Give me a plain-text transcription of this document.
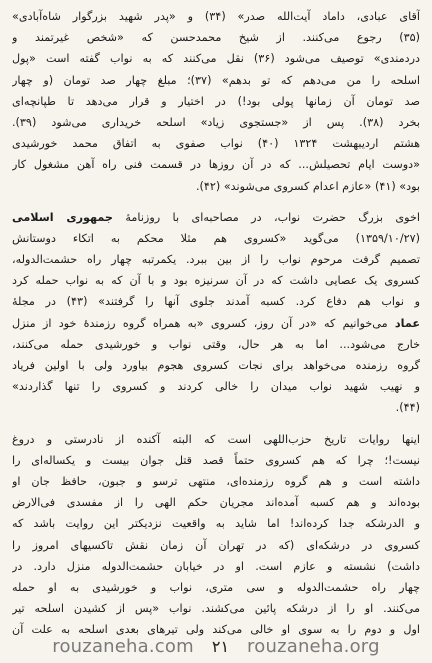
آقای عبادی، داماد آیت‌الله صدر» (٣۴) و «پدر شهید بزرگوار شاه‌آبادی»
(٣۵) رجوع می‌کنند. از شیخ محمدحسن که «شخص غیرتمند و
دردمندی» توصیف می‌شود (٣۶) نقل می‌کنند که به نواب گفته است «پول
اسلحه را من می‌دهم که تو بدهم» (٣٧)؛ مبلغ چهار صد تومان (و چهار
صد تومان آن زمانها پولی بود!) در اختیار و قرار می‌دهد تا طپانچه‌ای
بخرد (٣٨). پس از «جستجوی زیاد» اسلحه خریداری می‌شود (٣٩).
هشتم اردیبهشت ١٣٢۴ (۴٠) نواب صفوی به اتفاق محمد خورشیدی
«دوست ایام تحصیلش... که در آن روزها در قسمت فنی راه آهن مشغول کار
بود» (۴١) «عازم اعدام کسروی می‌شوند» (۴٢).
اخوی بزرگ حضرت نواب، در مصاحبه‌ای با روزنامهٔ جمهوری اسلامی
(١٣۵٩/١٠/٢٧) می‌گوید «کسروی هم مثلا محکم به اتکاء دوستانش
تصمیم گرفت مرحوم نواب را از بین ببرد. یکمرتبه چهار راه حشمت‌الدوله،
کسروی یک عصایی داشت که در آن سرنیزه بود و با آن که به نواب حمله کرد
و نواب هم دفاع کرد. کسبه آمدند جلوی آنها را گرفتند» (۴٣) در مجلهٔ
عماد می‌خوانیم که «در آن روز، کسروی «به همراه گروه رزمندهٔ خود از منزل
خارج می‌شود... اما به هر حال، وقتی نواب و خورشیدی حمله می‌کنند،
گروه رزمنده می‌خواهد برای نجات کسروی هجوم بیاورد ولی با اولین فریاد
و نهیب شهید نواب میدان را خالی کردند و کسروی را تنها گذاردند»
(۴۴).
اینها روایات تاریخ حزب‌اللهی است که البته آکنده از نادرستی و دروغ
نیست!؛ چرا که هم کسروی حتماً قصد قتل جوان بیست و یکساله‌ای را
داشته است و هم گروه رزمنده‌ای، منتهی ترسو و جبون، حافظ جان او
بوده‌اند و هم کسبه آمده‌اند مجریان حکم الهی را از مفسدی فی‌الارض
و الدرشکه جدا کرده‌اند! اما شاید به واقعیت نزدیکتر این روایت باشد که
کسروی در درشکه‌ای (که در تهران آن زمان نقش تاکسیهای امروز را
داشت) نشسته و عازم است. او در خیابان حشمت‌الدوله منزل دارد. در
چهار راه حشمت‌الدوله و سی متری، نواب و خورشیدی به او حمله
می‌کنند. او را از درشکه پائین می‌کشند. نواب «پس از کشیدن اسلحه تیر
اول و دوم را به سوی او خالی می‌کند ولی تیرهای بعدی اسلحه به علت آن
rouzaneha.com ٢١ rouzaneha.org
